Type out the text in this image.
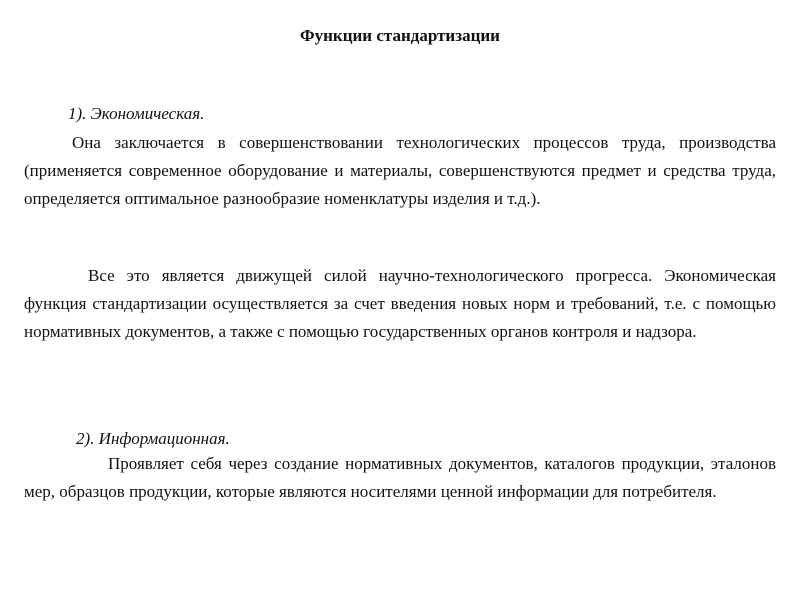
Функции стандартизации
1). Экономическая.
Она заключается в совершенствовании технологических процессов труда, производства (применяется современное оборудование и материалы, совершенствуются предмет и средства труда, определяется оптимальное разнообразие номенклатуры изделия и т.д.).
Все это является движущей силой научно-технологического прогресса. Экономическая функция стандартизации осуществляется за счет введения новых норм и требований, т.е. с помощью нормативных документов, а также с помощью государственных органов контроля и надзора.
2). Информационная.
Проявляет себя через создание нормативных документов, каталогов продукции, эталонов мер, образцов продукции, которые являются носителями ценной информации для потребителя.
